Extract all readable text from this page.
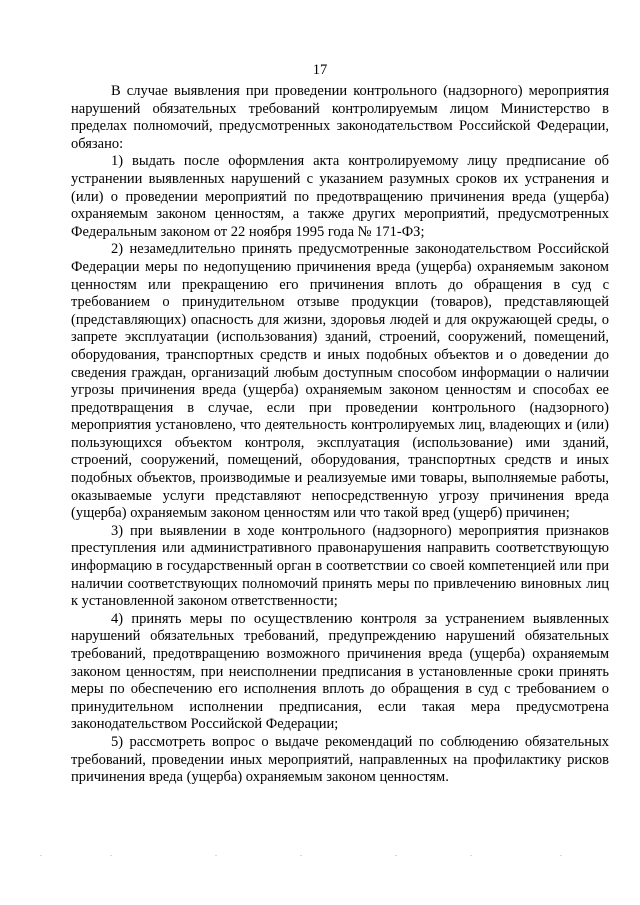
17

В случае выявления при проведении контрольного (надзорного) мероприятия нарушений обязательных требований контролируемым лицом Министерство в пределах полномочий, предусмотренных законодательством Российской Федерации, обязано:

1) выдать после оформления акта контролируемому лицу предписание об устранении выявленных нарушений с указанием разумных сроков их устранения и (или) о проведении мероприятий по предотвращению причинения вреда (ущерба) охраняемым законом ценностям, а также других мероприятий, предусмотренных Федеральным законом от 22 ноября 1995 года № 171-ФЗ;

2) незамедлительно принять предусмотренные законодательством Российской Федерации меры по недопущению причинения вреда (ущерба) охраняемым законом ценностям или прекращению его причинения вплоть до обращения в суд с требованием о принудительном отзыве продукции (товаров), представляющей (представляющих) опасность для жизни, здоровья людей и для окружающей среды, о запрете эксплуатации (использования) зданий, строений, сооружений, помещений, оборудования, транспортных средств и иных подобных объектов и о доведении до сведения граждан, организаций любым доступным способом информации о наличии угрозы причинения вреда (ущерба) охраняемым законом ценностям и способах ее предотвращения в случае, если при проведении контрольного (надзорного) мероприятия установлено, что деятельность контролируемых лиц, владеющих и (или) пользующихся объектом контроля, эксплуатация (использование) ими зданий, строений, сооружений, помещений, оборудования, транспортных средств и иных подобных объектов, производимые и реализуемые ими товары, выполняемые работы, оказываемые услуги представляют непосредственную угрозу причинения вреда (ущерба) охраняемым законом ценностям или что такой вред (ущерб) причинен;

3) при выявлении в ходе контрольного (надзорного) мероприятия признаков преступления или административного правонарушения направить соответствующую информацию в государственный орган в соответствии со своей компетенцией или при наличии соответствующих полномочий принять меры по привлечению виновных лиц к установленной законом ответственности;

4) принять меры по осуществлению контроля за устранением выявленных нарушений обязательных требований, предупреждению нарушений обязательных требований, предотвращению возможного причинения вреда (ущерба) охраняемым законом ценностям, при неисполнении предписания в установленные сроки принять меры по обеспечению его исполнения вплоть до обращения в суд с требованием о принудительном исполнении предписания, если такая мера предусмотрена законодательством Российской Федерации;

5) рассмотреть вопрос о выдаче рекомендаций по соблюдению обязательных требований, проведении иных мероприятий, направленных на профилактику рисков причинения вреда (ущерба) охраняемым законом ценностям.
